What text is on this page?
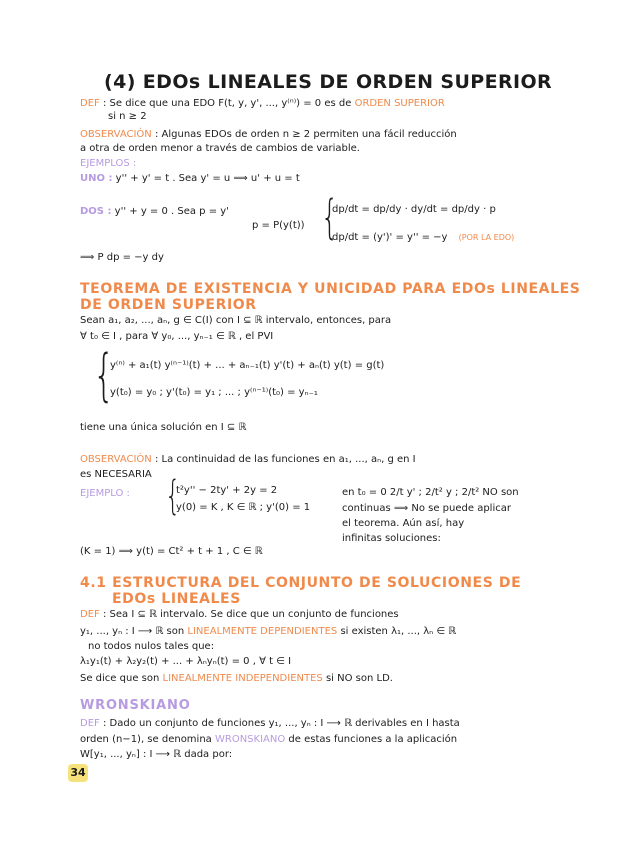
(4) EDOs LINEALES DE ORDEN SUPERIOR
DEF : Se dice que una EDO F(t, y, y', ..., y⁽ⁿ⁾) = 0 es de ORDEN SUPERIOR
si n ≥ 2
OBSERVACIÓN : Algunas EDOs de orden n ≥ 2 permiten una fácil reducción
a otra de orden menor a través de cambios de variable.
EJEMPLOS :
UNO : y'' + y' = t . Sea y' = u ⟹ u' + u = t
DOS : y'' + y = 0 . Sea p = y'
p = P(y(t)) {
dp/dt = dp/dy · dy/dt = dp/dy · p
dp/dt = (y')' = y'' = −y (POR LA EDO)
⟹ P dp = −y dy
TEOREMA DE EXISTENCIA Y UNICIDAD PARA EDOs LINEALES
DE ORDEN SUPERIOR
Sean a₁, a₂, ..., aₙ, g ∈ C(I) con I ⊆ ℝ intervalo, entonces, para
∀ t₀ ∈ I , para ∀ y₀, ..., yₙ₋₁ ∈ ℝ , el PVI
{
y⁽ⁿ⁾ + a₁(t) y⁽ⁿ⁻¹⁾(t) + ... + aₙ₋₁(t) y'(t) + aₙ(t) y(t) = g(t)
y(t₀) = y₀ ; y'(t₀) = y₁ ; ... ; y⁽ⁿ⁻¹⁾(t₀) = yₙ₋₁
tiene una única solución en I ⊆ ℝ
OBSERVACIÓN : La continuidad de las funciones en a₁, ..., aₙ, g en I
es NECESARIA
EJEMPLO : {
t²y'' − 2ty' + 2y = 2
y(0) = K , K ∈ ℝ ; y'(0) = 1
en t₀ = 0 2/t y' ; 2/t² y ; 2/t² NO son
continuas ⟹ No se puede aplicar
el teorema. Aún así, hay
infinitas soluciones:
(K = 1) ⟹ y(t) = Ct² + t + 1 , C ∈ ℝ
4.1 ESTRUCTURA DEL CONJUNTO DE SOLUCIONES DE
EDOs LINEALES
DEF : Sea I ⊆ ℝ intervalo. Se dice que un conjunto de funciones
y₁, ..., yₙ : I ⟶ ℝ son LINEALMENTE DEPENDIENTES si existen λ₁, ..., λₙ ∈ ℝ
no todos nulos tales que:
λ₁y₁(t) + λ₂y₂(t) + ... + λₙyₙ(t) = 0 , ∀ t ∈ I
Se dice que son LINEALMENTE INDEPENDIENTES si NO son LD.
WRONSKIANO
DEF : Dado un conjunto de funciones y₁, ..., yₙ : I ⟶ ℝ derivables en I hasta
orden (n−1), se denomina WRONSKIANO de estas funciones a la aplicación
W[y₁, ..., yₙ] : I ⟶ ℝ dada por:
34
